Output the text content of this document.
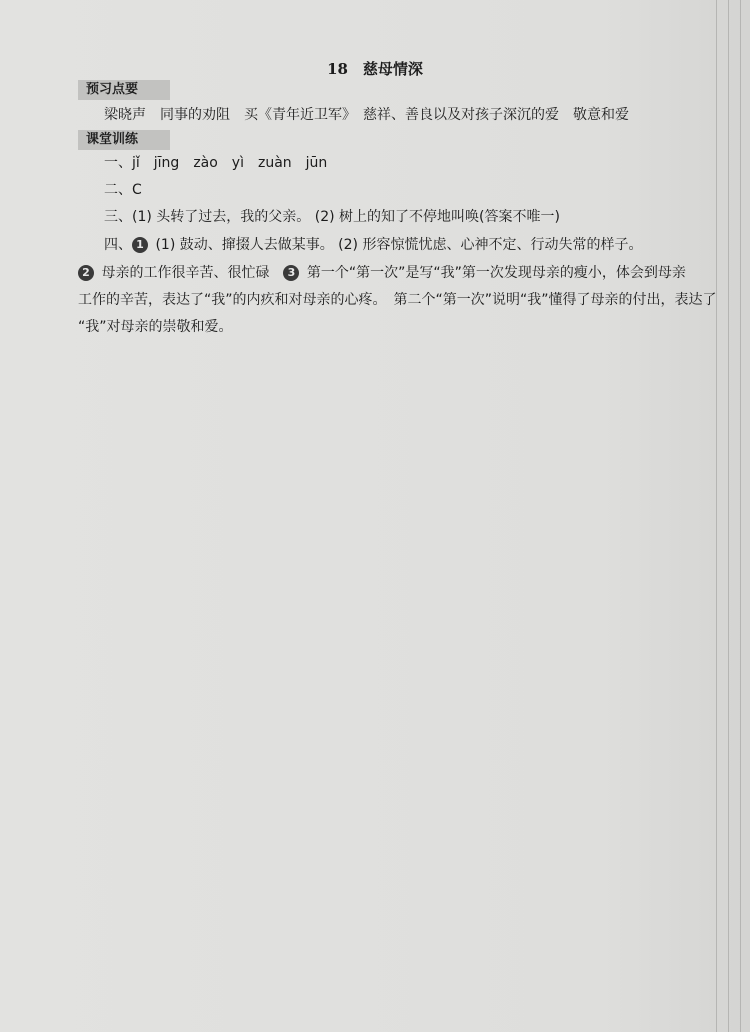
18　慈母情深
预习点要
梁晓声　同事的劝阻　买《青年近卫军》　慈祥、善良以及对孩子深沉的爱　敬意和爱
课堂训练
一、jǐ　jīng　zào　yì　zuàn　jūn
二、C
三、(1) 头转了过去，我的父亲。 (2) 树上的知了不停地叫唤(答案不唯一)
四、 1 (1) 鼓动、撺掇人去做某事。 (2) 形容惊慌忧虑、心神不定、行动失常的样子。
2 母亲的工作很辛苦、很忙碌　3 第一个“第一次”是写“我”第一次发现母亲的瘦小，体会到母亲
工作的辛苦，表达了“我”的内疚和对母亲的心疼。　第二个“第一次”说明“我”懂得了母亲的付出，表达了
“我”对母亲的崇敬和爱。
